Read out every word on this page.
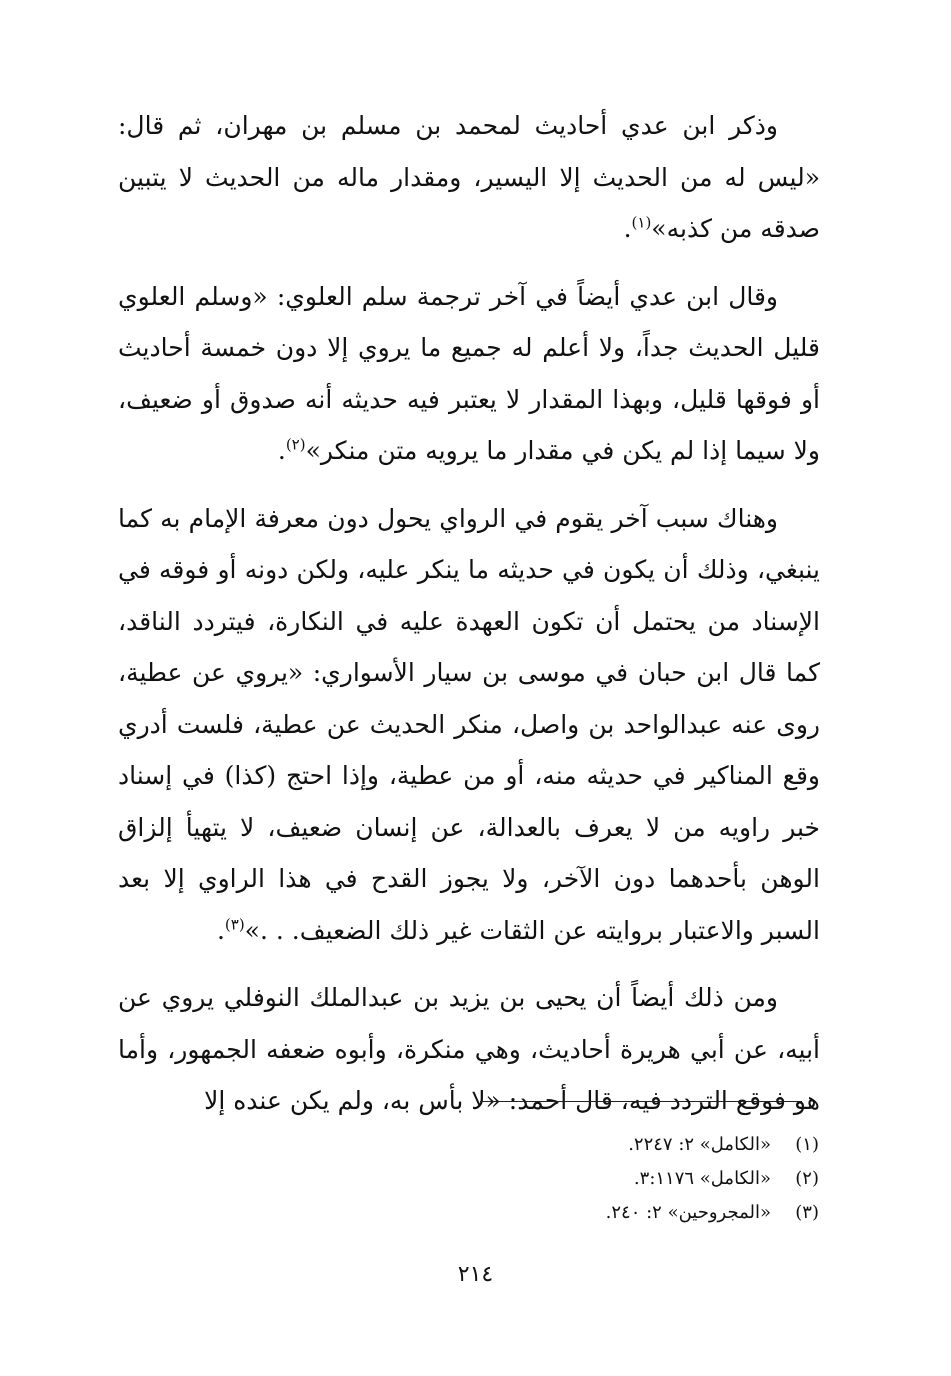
وذكر ابن عدي أحاديث لمحمد بن مسلم بن مهران، ثم قال: «ليس له من الحديث إلا اليسير، ومقدار ماله من الحديث لا يتبين صدقه من كذبه»$^{(١)}$.

وقال ابن عدي أيضاً في آخر ترجمة سلم العلوي: «وسلم العلوي قليل الحديث جداً، ولا أعلم له جميع ما يروي إلا دون خمسة أحاديث أو فوقها قليل، وبهذا المقدار لا يعتبر فيه حديثه أنه صدوق أو ضعيف، ولا سيما إذا لم يكن في مقدار ما يرويه متن منكر»$^{(٢)}$.

وهناك سبب آخر يقوم في الرواي يحول دون معرفة الإمام به كما ينبغي، وذلك أن يكون في حديثه ما ينكر عليه، ولكن دونه أو فوقه في الإسناد من يحتمل أن تكون العهدة عليه في النكارة، فيتردد الناقد، كما قال ابن حبان في موسى بن سيار الأسواري: «يروي عن عطية، روى عنه عبدالواحد بن واصل، منكر الحديث عن عطية، فلست أدري وقع المناكير في حديثه منه، أو من عطية، وإذا احتج (كذا) في إسناد خبر راويه من لا يعرف بالعدالة، عن إنسان ضعيف، لا يتهيأ إلزاق الوهن بأحدهما دون الآخر، ولا يجوز القدح في هذا الراوي إلا بعد السبر والاعتبار بروايته عن الثقات غير ذلك الضعيف. . .»$^{(٣)}$.

ومن ذلك أيضاً أن يحيى بن يزيد بن عبدالملك النوفلي يروي عن أبيه، عن أبي هريرة أحاديث، وهي منكرة، وأبوه ضعفه الجمهور، وأما هو فوقع التردد فيه، قال أحمد: «لا بأس به، ولم يكن عنده إلا

(١)«الكامل» ٢: ٢٢٤٧.
(٢)«الكامل» ٣:١١٧٦.
(٣)«المجروحين» ٢: ٢٤٠.
٢١٤
